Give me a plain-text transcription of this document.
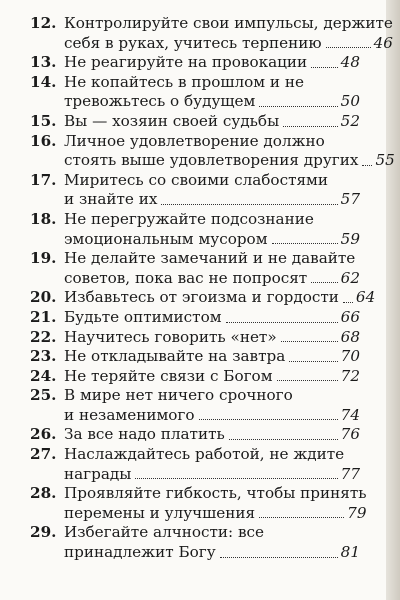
12. Контролируйте свои импульсы, держите
себя в руках, учитесь терпению	46
13. Не реагируйте на провокации 48
14. Не копайтесь в прошлом и не
тревожьтесь о будущем	50
15. Вы — хозяин своей судьбы	52
16. Личное удовлетворение должно
стоять выше удовлетворения других 55
17. Миритесь со своими слабостями
и знайте их	57
18. Не перегружайте подсознание
эмоциональным мусором	59
19. Не делайте замечаний и не давайте
советов, пока вас не попросят 62
20. Избавьтесь от эгоизма и гордости 64
21. Будьте оптимистом	66
22. Научитесь говорить «нет»	68
23. Не откладывайте на завтра	70
24. Не теряйте связи с Богом	72
25. В мире нет ничего срочного
и незаменимого	74
26. За все надо платить	76
27. Наслаждайтесь работой, не ждите
награды	77
28. Проявляйте гибкость, чтобы принять
перемены и улучшения	79
29. Избегайте алчности: все
принадлежит Богу	81
